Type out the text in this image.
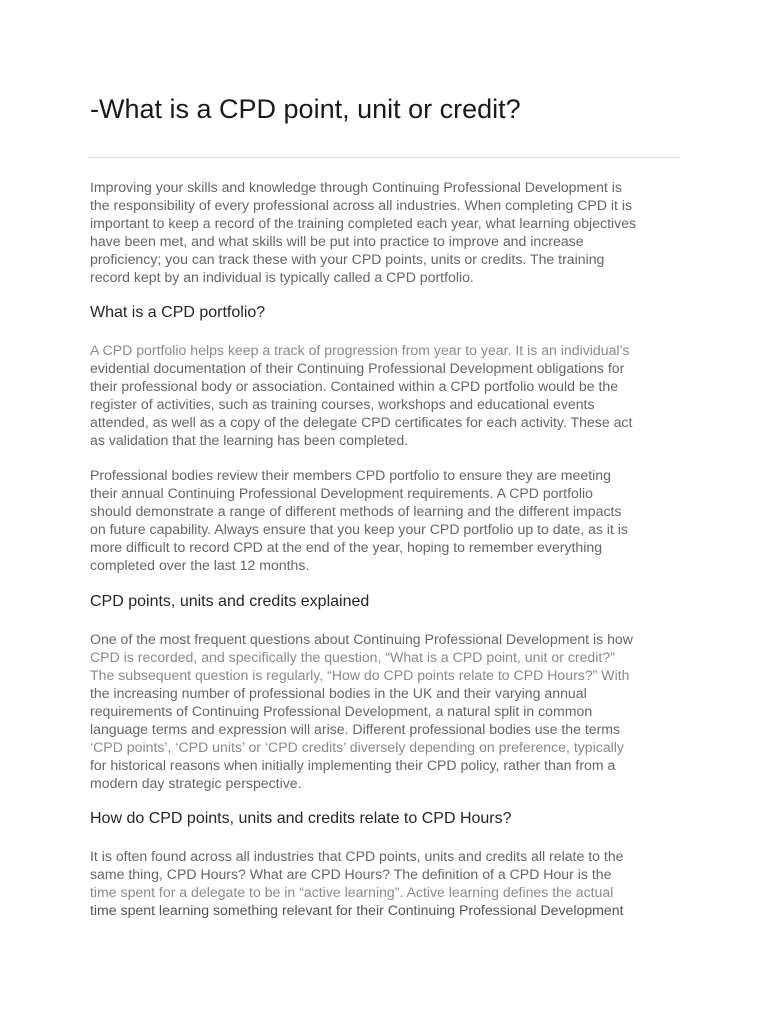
-What is a CPD point, unit or credit?

Improving your skills and knowledge through Continuing Professional Development is
the responsibility of every professional across all industries. When completing CPD it is
important to keep a record of the training completed each year, what learning objectives
have been met, and what skills will be put into practice to improve and increase
proficiency; you can track these with your CPD points, units or credits. The training
record kept by an individual is typically called a CPD portfolio.

What is a CPD portfolio?

A CPD portfolio helps keep a track of progression from year to year. It is an individual’s
evidential documentation of their Continuing Professional Development obligations for
their professional body or association. Contained within a CPD portfolio would be the
register of activities, such as training courses, workshops and educational events
attended, as well as a copy of the delegate CPD certificates for each activity. These act
as validation that the learning has been completed.

Professional bodies review their members CPD portfolio to ensure they are meeting
their annual Continuing Professional Development requirements. A CPD portfolio
should demonstrate a range of different methods of learning and the different impacts
on future capability. Always ensure that you keep your CPD portfolio up to date, as it is
more difficult to record CPD at the end of the year, hoping to remember everything
completed over the last 12 months.

CPD points, units and credits explained

One of the most frequent questions about Continuing Professional Development is how
CPD is recorded, and specifically the question, “What is a CPD point, unit or credit?”
The subsequent question is regularly, “How do CPD points relate to CPD Hours?” With
the increasing number of professional bodies in the UK and their varying annual
requirements of Continuing Professional Development, a natural split in common
language terms and expression will arise. Different professional bodies use the terms
‘CPD points’, ‘CPD units’ or ‘CPD credits’ diversely depending on preference, typically
for historical reasons when initially implementing their CPD policy, rather than from a
modern day strategic perspective.

How do CPD points, units and credits relate to CPD Hours?

It is often found across all industries that CPD points, units and credits all relate to the
same thing, CPD Hours? What are CPD Hours? The definition of a CPD Hour is the
time spent for a delegate to be in “active learning”. Active learning defines the actual
time spent learning something relevant for their Continuing Professional Development
